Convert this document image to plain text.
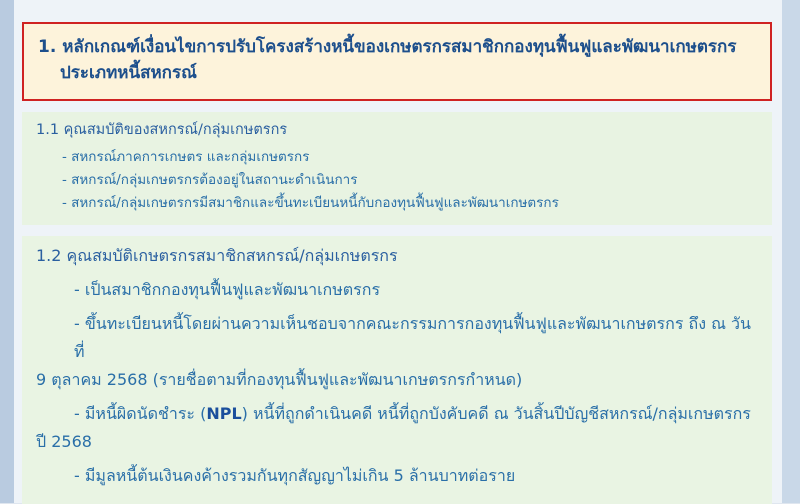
1. หลักเกณฑ์เงื่อนไขการปรับโครงสร้างหนี้ของเกษตรกรสมาชิกกองทุนฟื้นฟูและพัฒนาเกษตรกร
ประเภทหนี้สหกรณ์
1.1 คุณสมบัติของสหกรณ์/กลุ่มเกษตรกร
- สหกรณ์ภาคการเกษตร และกลุ่มเกษตรกร
- สหกรณ์/กลุ่มเกษตรกรต้องอยู่ในสถานะดำเนินการ
- สหกรณ์/กลุ่มเกษตรกรมีสมาชิกและขึ้นทะเบียนหนี้กับกองทุนฟื้นฟูและพัฒนาเกษตรกร
1.2 คุณสมบัติเกษตรกรสมาชิกสหกรณ์/กลุ่มเกษตรกร
- เป็นสมาชิกกองทุนฟื้นฟูและพัฒนาเกษตรกร
- ขึ้นทะเบียนหนี้โดยผ่านความเห็นชอบจากคณะกรรมการกองทุนฟื้นฟูและพัฒนาเกษตรกร ถึง ณ วันที่
9 ตุลาคม 2568 (รายชื่อตามที่กองทุนฟื้นฟูและพัฒนาเกษตรกรกำหนด)
- มีหนี้ผิดนัดชำระ (NPL) หนี้ที่ถูกดำเนินคดี หนี้ที่ถูกบังคับคดี ณ วันสิ้นปีบัญชีสหกรณ์/กลุ่มเกษตรกร
ปี 2568
- มีมูลหนี้ต้นเงินคงค้างรวมกันทุกสัญญาไม่เกิน 5 ล้านบาทต่อราย
